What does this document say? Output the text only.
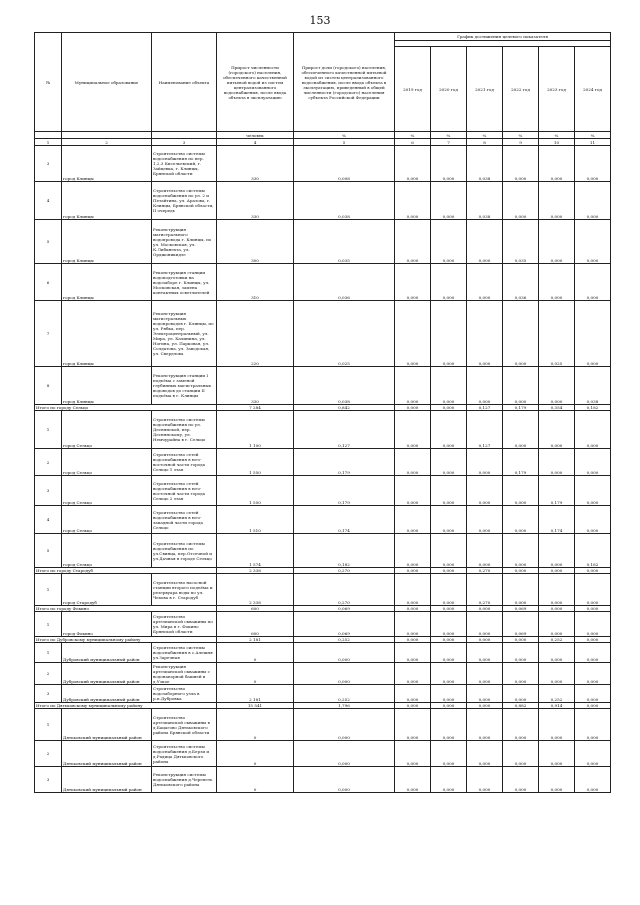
153
№	Муниципальное образование	Наименование объекта	Прирост численности (городского) населения, обеспеченного качественной питьевой водой из систем централизованного водоснабжения, после ввода объекта в эксплуатацию	Прирост доли (городского) населения, обеспеченного качественной питьевой водой из систем централизованного водоснабжения, после ввода объекта в эксплуатацию, приведенный в общей численности (городского) населения субъекта Российской Федерации	График достижения целевого показателя					

					2019 год	2020 год	2021 год	2022 год	2023 год	2024 год
			человек	%	%	%	%	%	%	%
1	2	3	4	5	6	7	8	9	10	11
3	город Клинцы	Строительство системы водоснабжения по пер. 1,2,3 Кисельевский, г. Зайцевка, г. Клинцы, Брянской области	330	0,008	0,000	0,000	0,038	0,000	0,000	0,000
4	город Клинцы	Строительство системы водоснабжения по ул. 2 и Петайтина, ул. Аразова, г. Клинцы, Брянской области, II очередь	330	0,038	0,000	0,000	0,038	0,000	0,000	0,000
5	город Клинцы	Реконструкция магистрального водопровода г. Клинцы, по ул. Московская, ул. К.Либкнехта, ул. Орджоникидзе	300	0,035	0,000	0,000	0,000	0,035	0,000	0,000
6	город Клинцы	Реконструкция станции водоподготовки на водозаборе г. Клинцы, ул. Московская, замена контактных осветлителей	310	0,036	0,000	0,000	0,000	0,036	0,000	0,000
7	город Клинцы	Реконструкция магистральных водопроводов г. Клинцы, по ул. Рябка, пер. Электроцентральный, ул. Мира, ул. Калинина, ул. Ногина, ул. Парковая, ул. Солдатова, ул. Заводская, ул. Свердлова	220	0,025	0,000	0,000	0,000	0,000	0,025	0,000
8	город Клинцы	Реконструкция станции I подъёма с заменой глубинных магистральных водоводов до станции II подъёма в г. Клинцы	330	0,038	0,000	0,000	0,000	0,000	0,000	0,038
Итого по городу Сельцо			7 284	0,842	0,000	0,000	0,127	0,179	0,354	0,182
1	город Сельцо	Строительство системы водоснабжения по ул. Деснянской, пер. Деснянскому, ул. Немчурайна в г. Сельцо	1 100	0,127	0,000	0,000	0,127	0,000	0,000	0,000
2	город Сельцо	Строительство сетей водоснабжения в юго-восточной части города Сельцо 1 этап	1 550	0,179	0,000	0,000	0,000	0,179	0,000	0,000
3	город Сельцо	Строительство сетей водоснабжения в юго-восточной части города Сельцо 2 этап	1 550	0,179	0,000	0,000	0,000	0,000	0,179	0,000
4	город Сельцо	Строительство сетей водоснабжения в юго-западной части города Сельцо	1 510	0,174	0,000	0,000	0,000	0,000	0,174	0,000
5	город Сельцо	Строительство системы водоснабжения по ул.Свинца, пер.Отсечной и ул.Дачная в городе Сельцо	1 574	0,182	0,000	0,000	0,000	0,000	0,000	0,182
Итого по городу Стародуб			2 338	0,270	0,000	0,000	0,270	0,000	0,000	0,000
1	город Стародуб	Строительство насосной станции второго подъёма и резервуара воды по ул. Чехова в г. Стародуб	2 338	0,270	0,000	0,000	0,270	0,000	0,000	0,000
Итого по городу Фокино			600	0,069	0,000	0,000	0,000	0,069	0,000	0,000
1	город Фокино	Строительство артезианской скважины по ул. Мира в г. Фокино Брянской области	600	0,069	0,000	0,000	0,000	0,069	0,000	0,000
Итого по Дубровскому муниципальному району			2 181	0,252	0,000	0,000	0,000	0,000	0,252	0,000
1	Дубровский муниципальный район	Строительство системы водоснабжения в с.Алешня ул.Заречная	0	0,000	0,000	0,000	0,000	0,000	0,000	0,000
2	Дубровский муниципальный район	Реконструкция артезианской скважины с водонапорной башней в д.Узкое	0	0,000	0,000	0,000	0,000	0,000	0,000	0,000
3	Дубровский муниципальный район	Строительство водозаборного узла в р.п.Дубровка	2 181	0,252	0,000	0,000	0,000	0,000	0,252	0,000
Итого по Дятьковскому муниципальному району			15 541	1,796	0,000	0,000	0,000	0,882	0,914	0,000
1	Дятьковский муниципальный район	Строительство артезианской скважины в д.Бацагово Дятьковского района Брянской области	0	0,000	0,000	0,000	0,000	0,000	0,000	0,000
2	Дятьковский муниципальный район	Строительство системы водоснабжения д.Берзи и д.Радица Дятьковского района	0	0,000	0,000	0,000	0,000	0,000	0,000	0,000
3	Дятьковский муниципальный район	Реконструкция системы водоснабжения д.Черепеть Дятьковского района	0	0,000	0,000	0,000	0,000	0,000	0,000	0,000
